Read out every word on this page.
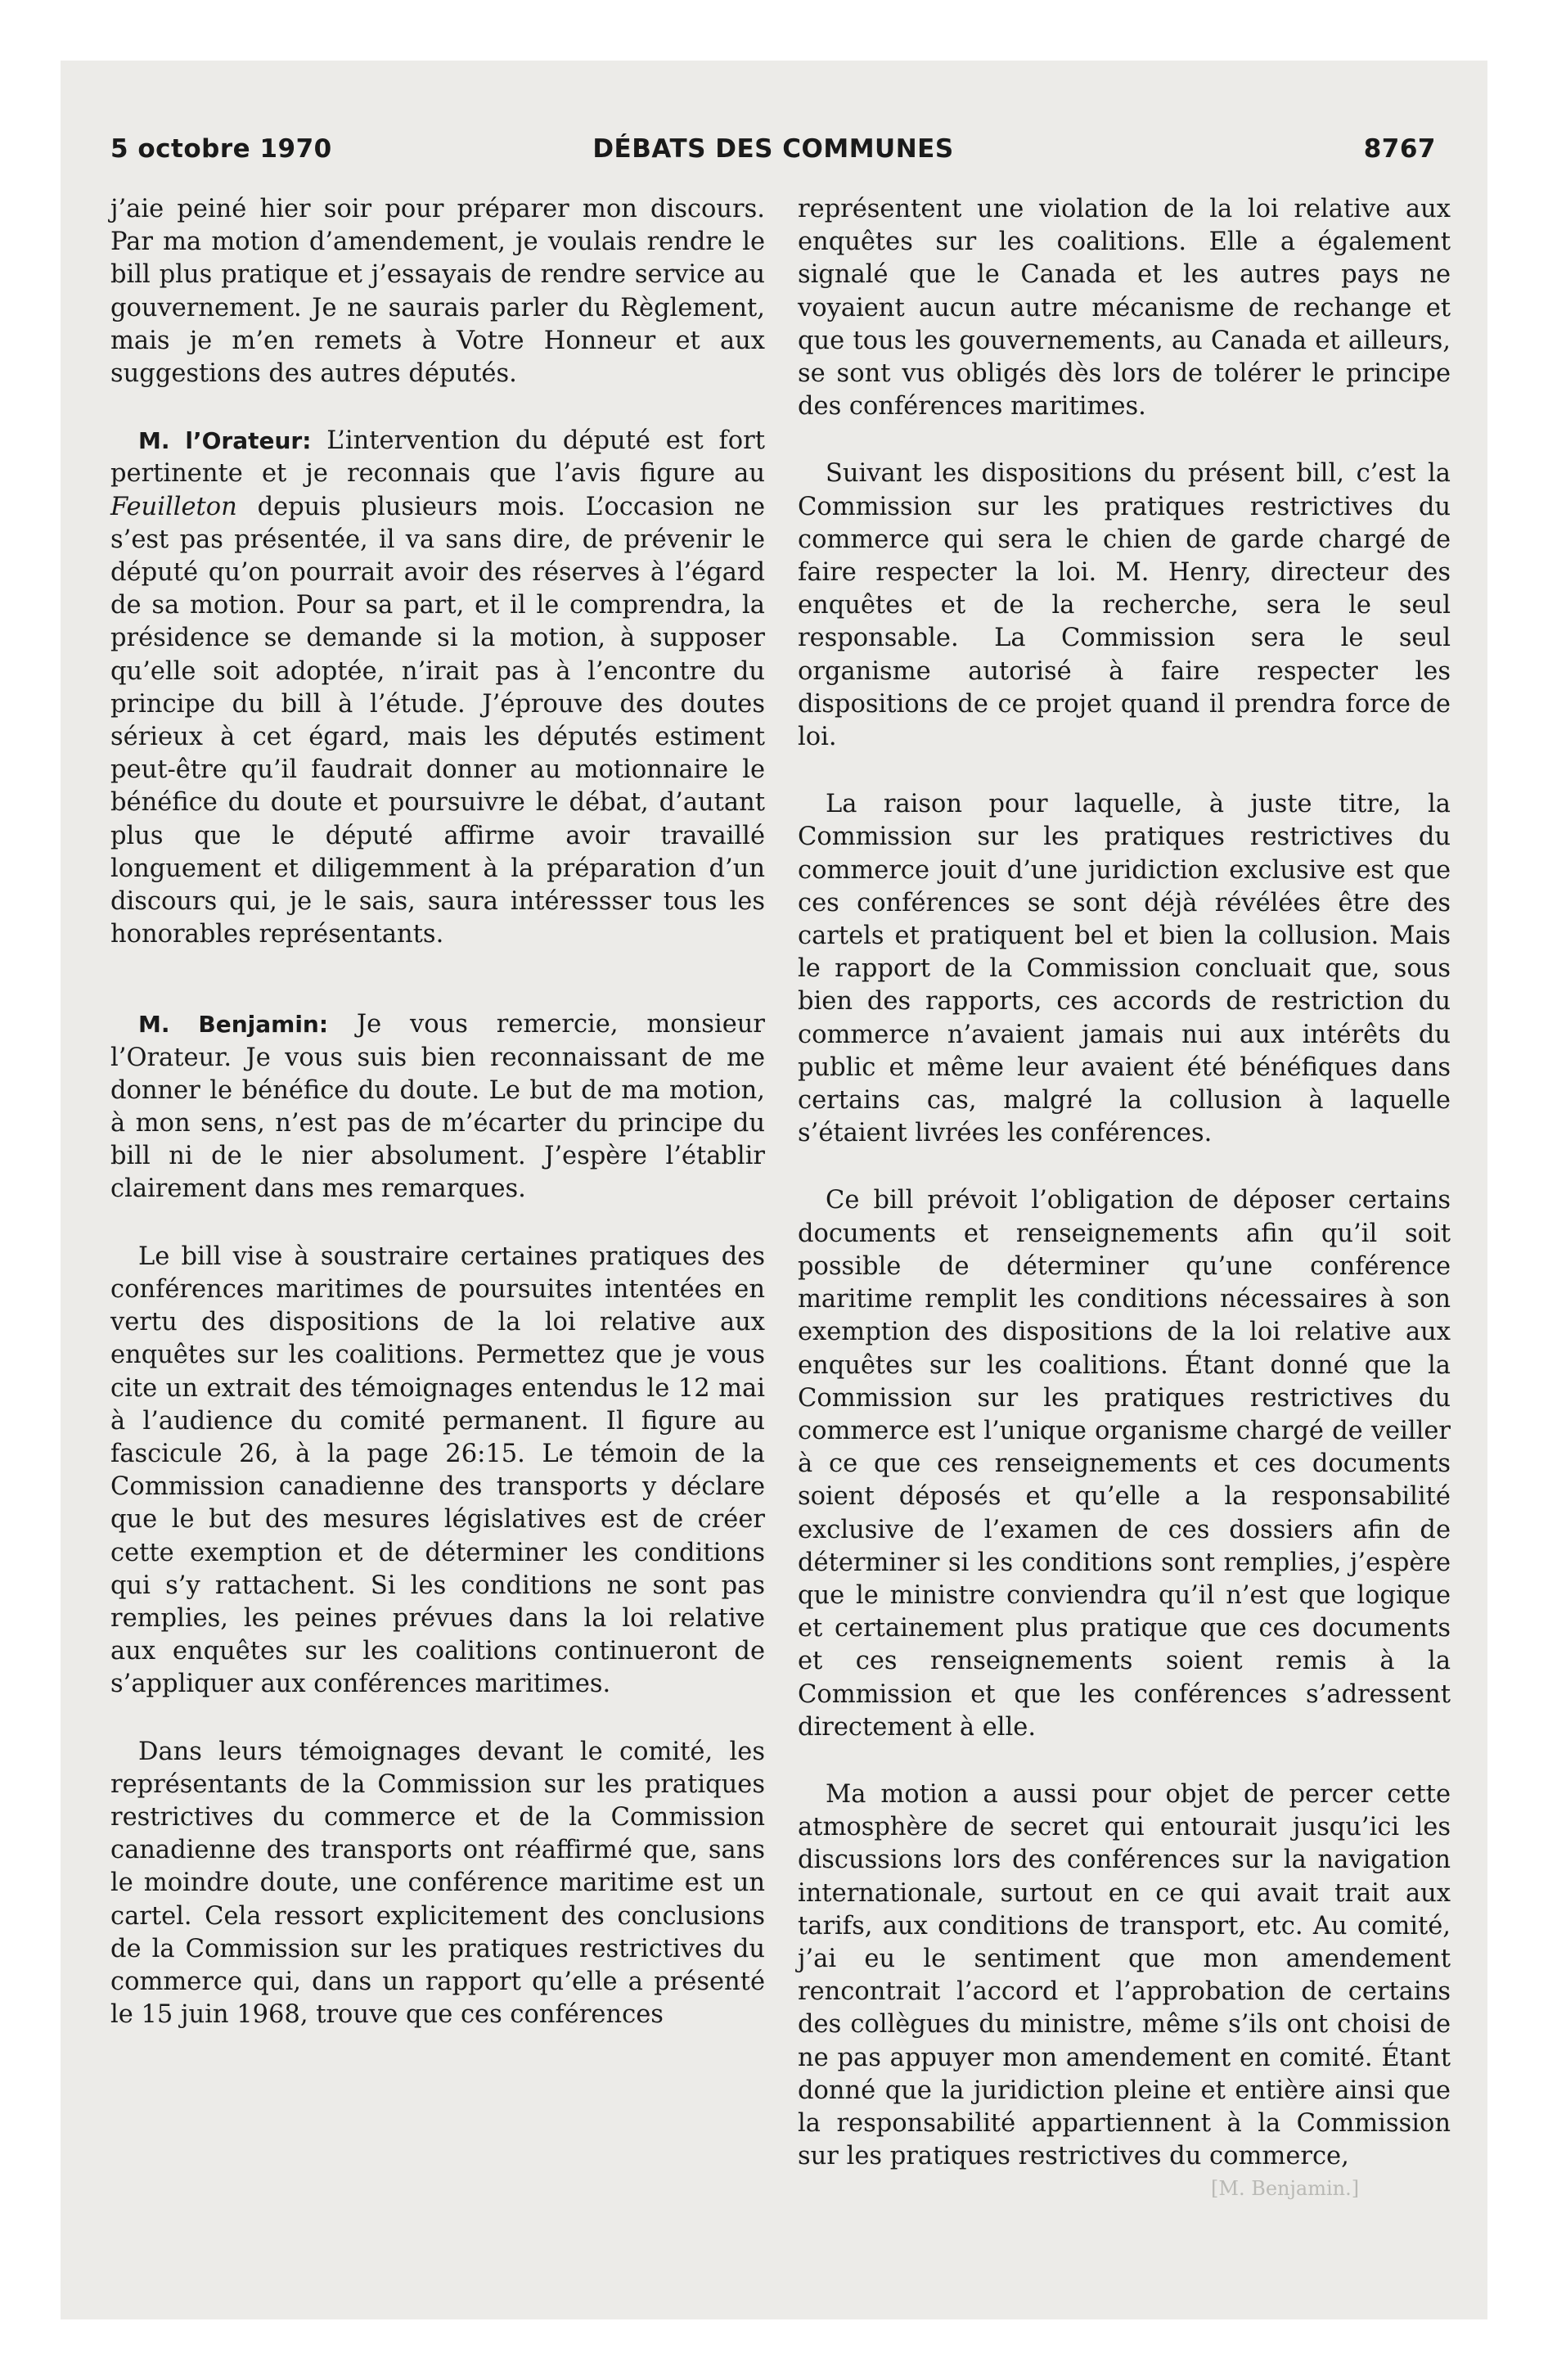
5 octobre 1970	DÉBATS DES COMMUNES	8767

j’aie peiné hier soir pour préparer mon discours. Par ma motion d’amendement, je voulais rendre le bill plus pratique et j’essayais de rendre service au gouvernement. Je ne saurais parler du Règlement, mais je m’en remets à Votre Honneur et aux suggestions des autres députés.

M. l’Orateur: L’intervention du député est fort pertinente et je reconnais que l’avis figure au Feuilleton depuis plusieurs mois. L’occasion ne s’est pas présentée, il va sans dire, de prévenir le député qu’on pourrait avoir des réserves à l’égard de sa motion. Pour sa part, et il le comprendra, la présidence se demande si la motion, à supposer qu’elle soit adoptée, n’irait pas à l’encontre du principe du bill à l’étude. J’éprouve des doutes sérieux à cet égard, mais les députés estiment peut-être qu’il faudrait donner au motionnaire le bénéfice du doute et poursuivre le débat, d’autant plus que le député affirme avoir travaillé longuement et diligemment à la préparation d’un discours qui, je le sais, saura intéressser tous les honorables représentants.

M. Benjamin: Je vous remercie, monsieur l’Orateur. Je vous suis bien reconnaissant de me donner le bénéfice du doute. Le but de ma motion, à mon sens, n’est pas de m’écarter du principe du bill ni de le nier absolument. J’espère l’établir clairement dans mes remarques.

Le bill vise à soustraire certaines pratiques des conférences maritimes de poursuites intentées en vertu des dispositions de la loi relative aux enquêtes sur les coalitions. Permettez que je vous cite un extrait des témoignages entendus le 12 mai à l’audience du comité permanent. Il figure au fascicule 26, à la page 26:15. Le témoin de la Commission canadienne des transports y déclare que le but des mesures législatives est de créer cette exemption et de déterminer les conditions qui s’y rattachent. Si les conditions ne sont pas remplies, les peines prévues dans la loi relative aux enquêtes sur les coalitions continueront de s’appliquer aux conférences maritimes.

Dans leurs témoignages devant le comité, les représentants de la Commission sur les pratiques restrictives du commerce et de la Commission canadienne des transports ont réaffirmé que, sans le moindre doute, une conférence maritime est un cartel. Cela ressort explicitement des conclusions de la Commission sur les pratiques restrictives du commerce qui, dans un rapport qu’elle a présenté le 15 juin 1968, trouve que ces conférences

représentent une violation de la loi relative aux enquêtes sur les coalitions. Elle a également signalé que le Canada et les autres pays ne voyaient aucun autre mécanisme de rechange et que tous les gouvernements, au Canada et ailleurs, se sont vus obligés dès lors de tolérer le principe des conférences maritimes.

Suivant les dispositions du présent bill, c’est la Commission sur les pratiques restrictives du commerce qui sera le chien de garde chargé de faire respecter la loi. M. Henry, directeur des enquêtes et de la recherche, sera le seul responsable. La Commission sera le seul organisme autorisé à faire respecter les dispositions de ce projet quand il prendra force de loi.

La raison pour laquelle, à juste titre, la Commission sur les pratiques restrictives du commerce jouit d’une juridiction exclusive est que ces conférences se sont déjà révélées être des cartels et pratiquent bel et bien la collusion. Mais le rapport de la Commission concluait que, sous bien des rapports, ces accords de restriction du commerce n’avaient jamais nui aux intérêts du public et même leur avaient été bénéfiques dans certains cas, malgré la collusion à laquelle s’étaient livrées les conférences.

Ce bill prévoit l’obligation de déposer certains documents et renseignements afin qu’il soit possible de déterminer qu’une conférence maritime remplit les conditions nécessaires à son exemption des dispositions de la loi relative aux enquêtes sur les coalitions. Étant donné que la Commission sur les pratiques restrictives du commerce est l’unique organisme chargé de veiller à ce que ces renseignements et ces documents soient déposés et qu’elle a la responsabilité exclusive de l’examen de ces dossiers afin de déterminer si les conditions sont remplies, j’espère que le ministre conviendra qu’il n’est que logique et certainement plus pratique que ces documents et ces renseignements soient remis à la Commission et que les conférences s’adressent directement à elle.

Ma motion a aussi pour objet de percer cette atmosphère de secret qui entourait jusqu’ici les discussions lors des conférences sur la navigation internationale, surtout en ce qui avait trait aux tarifs, aux conditions de transport, etc. Au comité, j’ai eu le sentiment que mon amendement rencontrait l’accord et l’approbation de certains des collègues du ministre, même s’ils ont choisi de ne pas appuyer mon amendement en comité. Étant donné que la juridiction pleine et entière ainsi que la responsabilité appartiennent à la Commission sur les pratiques restrictives du commerce,

[M. Benjamin.]
